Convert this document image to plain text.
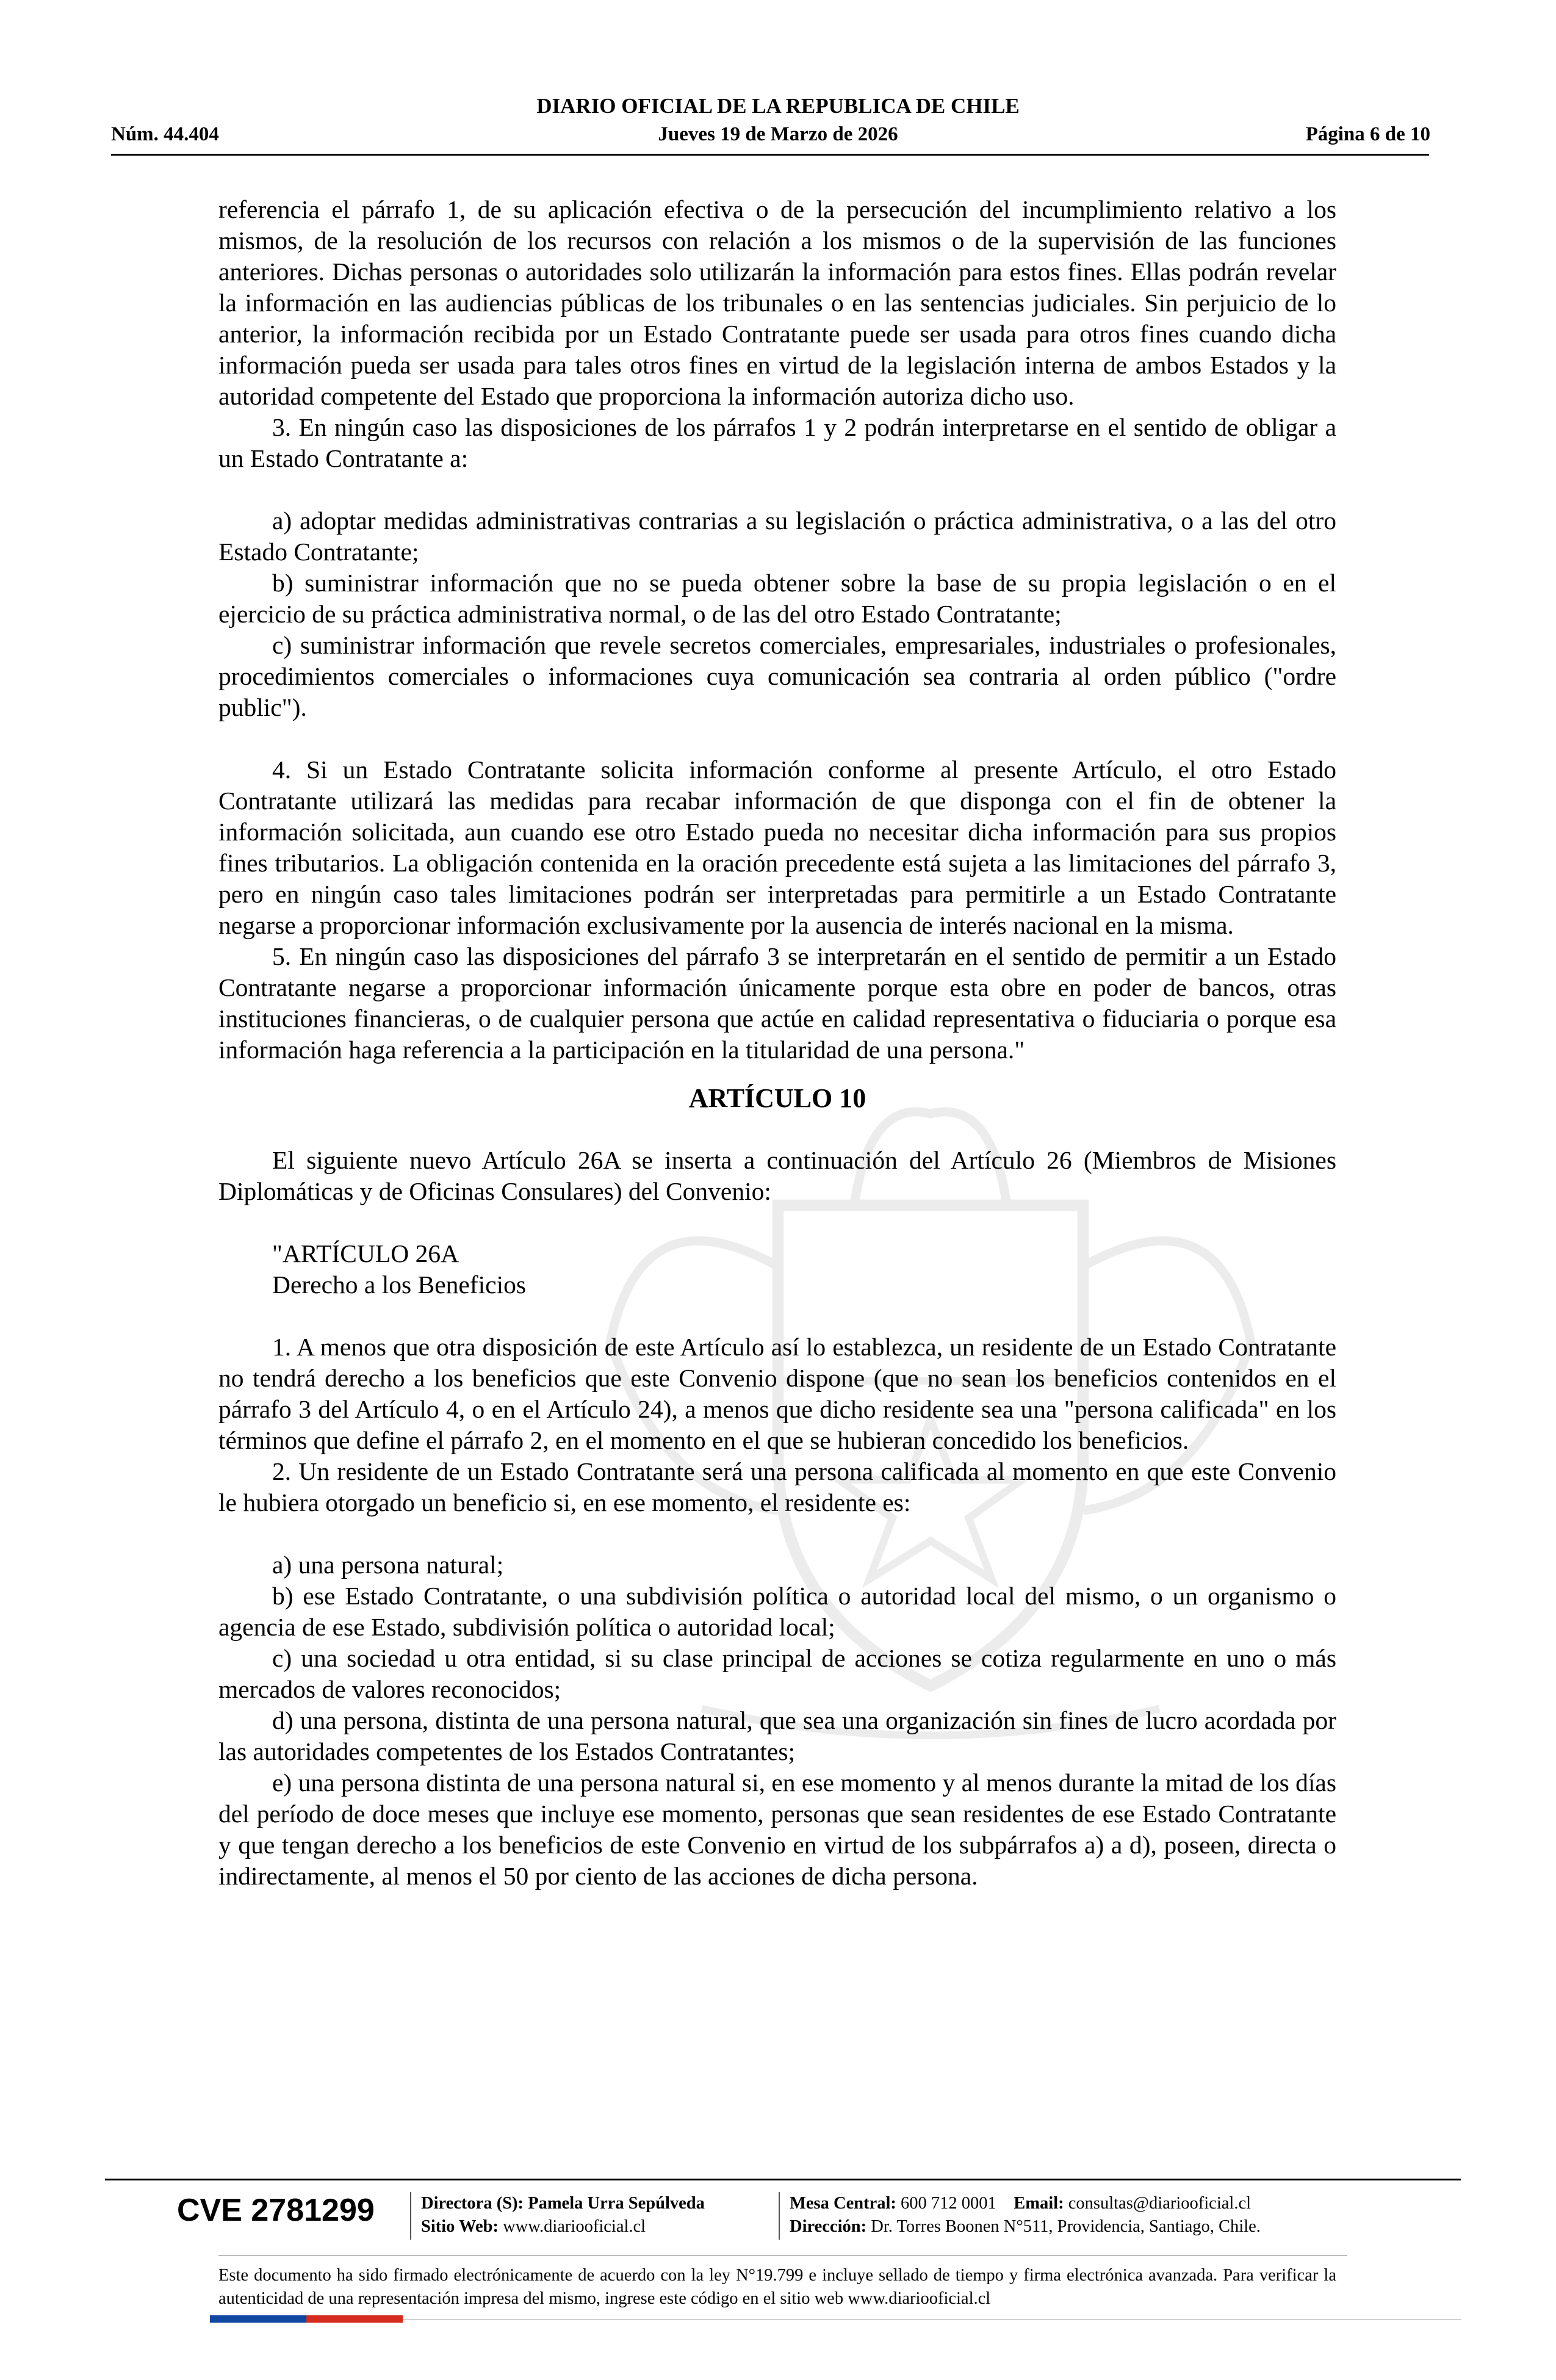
DIARIO OFICIAL DE LA REPUBLICA DE CHILE
Núm. 44.404	Jueves 19 de Marzo de 2026	Página 6 de 10

referencia el párrafo 1, de su aplicación efectiva o de la persecución del incumplimiento relativo a los mismos, de la resolución de los recursos con relación a los mismos o de la supervisión de las funciones anteriores. Dichas personas o autoridades solo utilizarán la información para estos fines. Ellas podrán revelar la información en las audiencias públicas de los tribunales o en las sentencias judiciales. Sin perjuicio de lo anterior, la información recibida por un Estado Contratante puede ser usada para otros fines cuando dicha información pueda ser usada para tales otros fines en virtud de la legislación interna de ambos Estados y la autoridad competente del Estado que proporciona la información autoriza dicho uso.

3. En ningún caso las disposiciones de los párrafos 1 y 2 podrán interpretarse en el sentido de obligar a un Estado Contratante a:

a) adoptar medidas administrativas contrarias a su legislación o práctica administrativa, o a las del otro Estado Contratante;

b) suministrar información que no se pueda obtener sobre la base de su propia legislación o en el ejercicio de su práctica administrativa normal, o de las del otro Estado Contratante;

c) suministrar información que revele secretos comerciales, empresariales, industriales o profesionales, procedimientos comerciales o informaciones cuya comunicación sea contraria al orden público ("ordre public").

4. Si un Estado Contratante solicita información conforme al presente Artículo, el otro Estado Contratante utilizará las medidas para recabar información de que disponga con el fin de obtener la información solicitada, aun cuando ese otro Estado pueda no necesitar dicha información para sus propios fines tributarios. La obligación contenida en la oración precedente está sujeta a las limitaciones del párrafo 3, pero en ningún caso tales limitaciones podrán ser interpretadas para permitirle a un Estado Contratante negarse a proporcionar información exclusivamente por la ausencia de interés nacional en la misma.

5. En ningún caso las disposiciones del párrafo 3 se interpretarán en el sentido de permitir a un Estado Contratante negarse a proporcionar información únicamente porque esta obre en poder de bancos, otras instituciones financieras, o de cualquier persona que actúe en calidad representativa o fiduciaria o porque esa información haga referencia a la participación en la titularidad de una persona."

ARTÍCULO 10

El siguiente nuevo Artículo 26A se inserta a continuación del Artículo 26 (Miembros de Misiones Diplomáticas y de Oficinas Consulares) del Convenio:

"ARTÍCULO 26A

Derecho a los Beneficios

1. A menos que otra disposición de este Artículo así lo establezca, un residente de un Estado Contratante no tendrá derecho a los beneficios que este Convenio dispone (que no sean los beneficios contenidos en el párrafo 3 del Artículo 4, o en el Artículo 24), a menos que dicho residente sea una "persona calificada" en los términos que define el párrafo 2, en el momento en el que se hubieran concedido los beneficios.

2. Un residente de un Estado Contratante será una persona calificada al momento en que este Convenio le hubiera otorgado un beneficio si, en ese momento, el residente es:

a) una persona natural;

b) ese Estado Contratante, o una subdivisión política o autoridad local del mismo, o un organismo o agencia de ese Estado, subdivisión política o autoridad local;

c) una sociedad u otra entidad, si su clase principal de acciones se cotiza regularmente en uno o más mercados de valores reconocidos;

d) una persona, distinta de una persona natural, que sea una organización sin fines de lucro acordada por las autoridades competentes de los Estados Contratantes;

e) una persona distinta de una persona natural si, en ese momento y al menos durante la mitad de los días del período de doce meses que incluye ese momento, personas que sean residentes de ese Estado Contratante y que tengan derecho a los beneficios de este Convenio en virtud de los subpárrafos a) a d), poseen, directa o indirectamente, al menos el 50 por ciento de las acciones de dicha persona.

CVE 2781299	Directora (S): Pamela Urra Sepúlveda
Sitio Web: www.diariooficial.cl
Mesa Central: 600 712 0001 Email: consultas@diariooficial.cl
Dirección: Dr. Torres Boonen N°511, Providencia, Santiago, Chile.
Este documento ha sido firmado electrónicamente de acuerdo con la ley N°19.799 e incluye sellado de tiempo y firma electrónica avanzada. Para verificar la autenticidad de una representación impresa del mismo, ingrese este código en el sitio web www.diariooficial.cl
